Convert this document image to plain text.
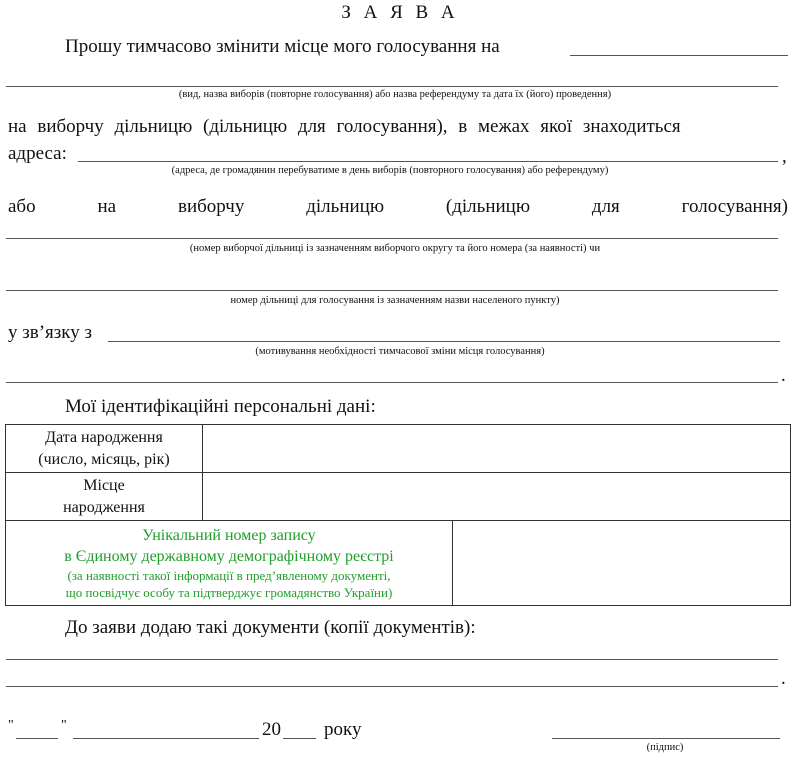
З А Я В А
Прошу тимчасово змінити місце мого голосування на
(вид, назва виборів (повторне голосування) або назва референдуму та дата їх (його) проведення)
на виборчу дільницю (дільницю для голосування), в межах якої знаходиться
адреса:	,
(адреса, де громадянин перебуватиме в день виборів (повторного голосування) або референдуму)
або	на	виборчу	дільницю	(дільницю	для	голосування)
(номер виборчої дільниці із зазначенням виборчого округу та його номера (за наявності) чи
номер дільниці для голосування із зазначенням назви населеного пункту)
у зв’язку з
(мотивування необхідності тимчасової зміни місця голосування)
.
Мої ідентифікаційні персональні дані:
Дата народження
(число, місяць, рік)		

Місце
народження		

Унікальний номер запису
в Єдиному державному демографічному реєстрі
(за наявності такої інформації в пред’явленому документі,
що посвідчує особу та підтверджує громадянство України)		

До заяви додаю такі документи (копії документів):
.
"	"	20 року
(підпис)
